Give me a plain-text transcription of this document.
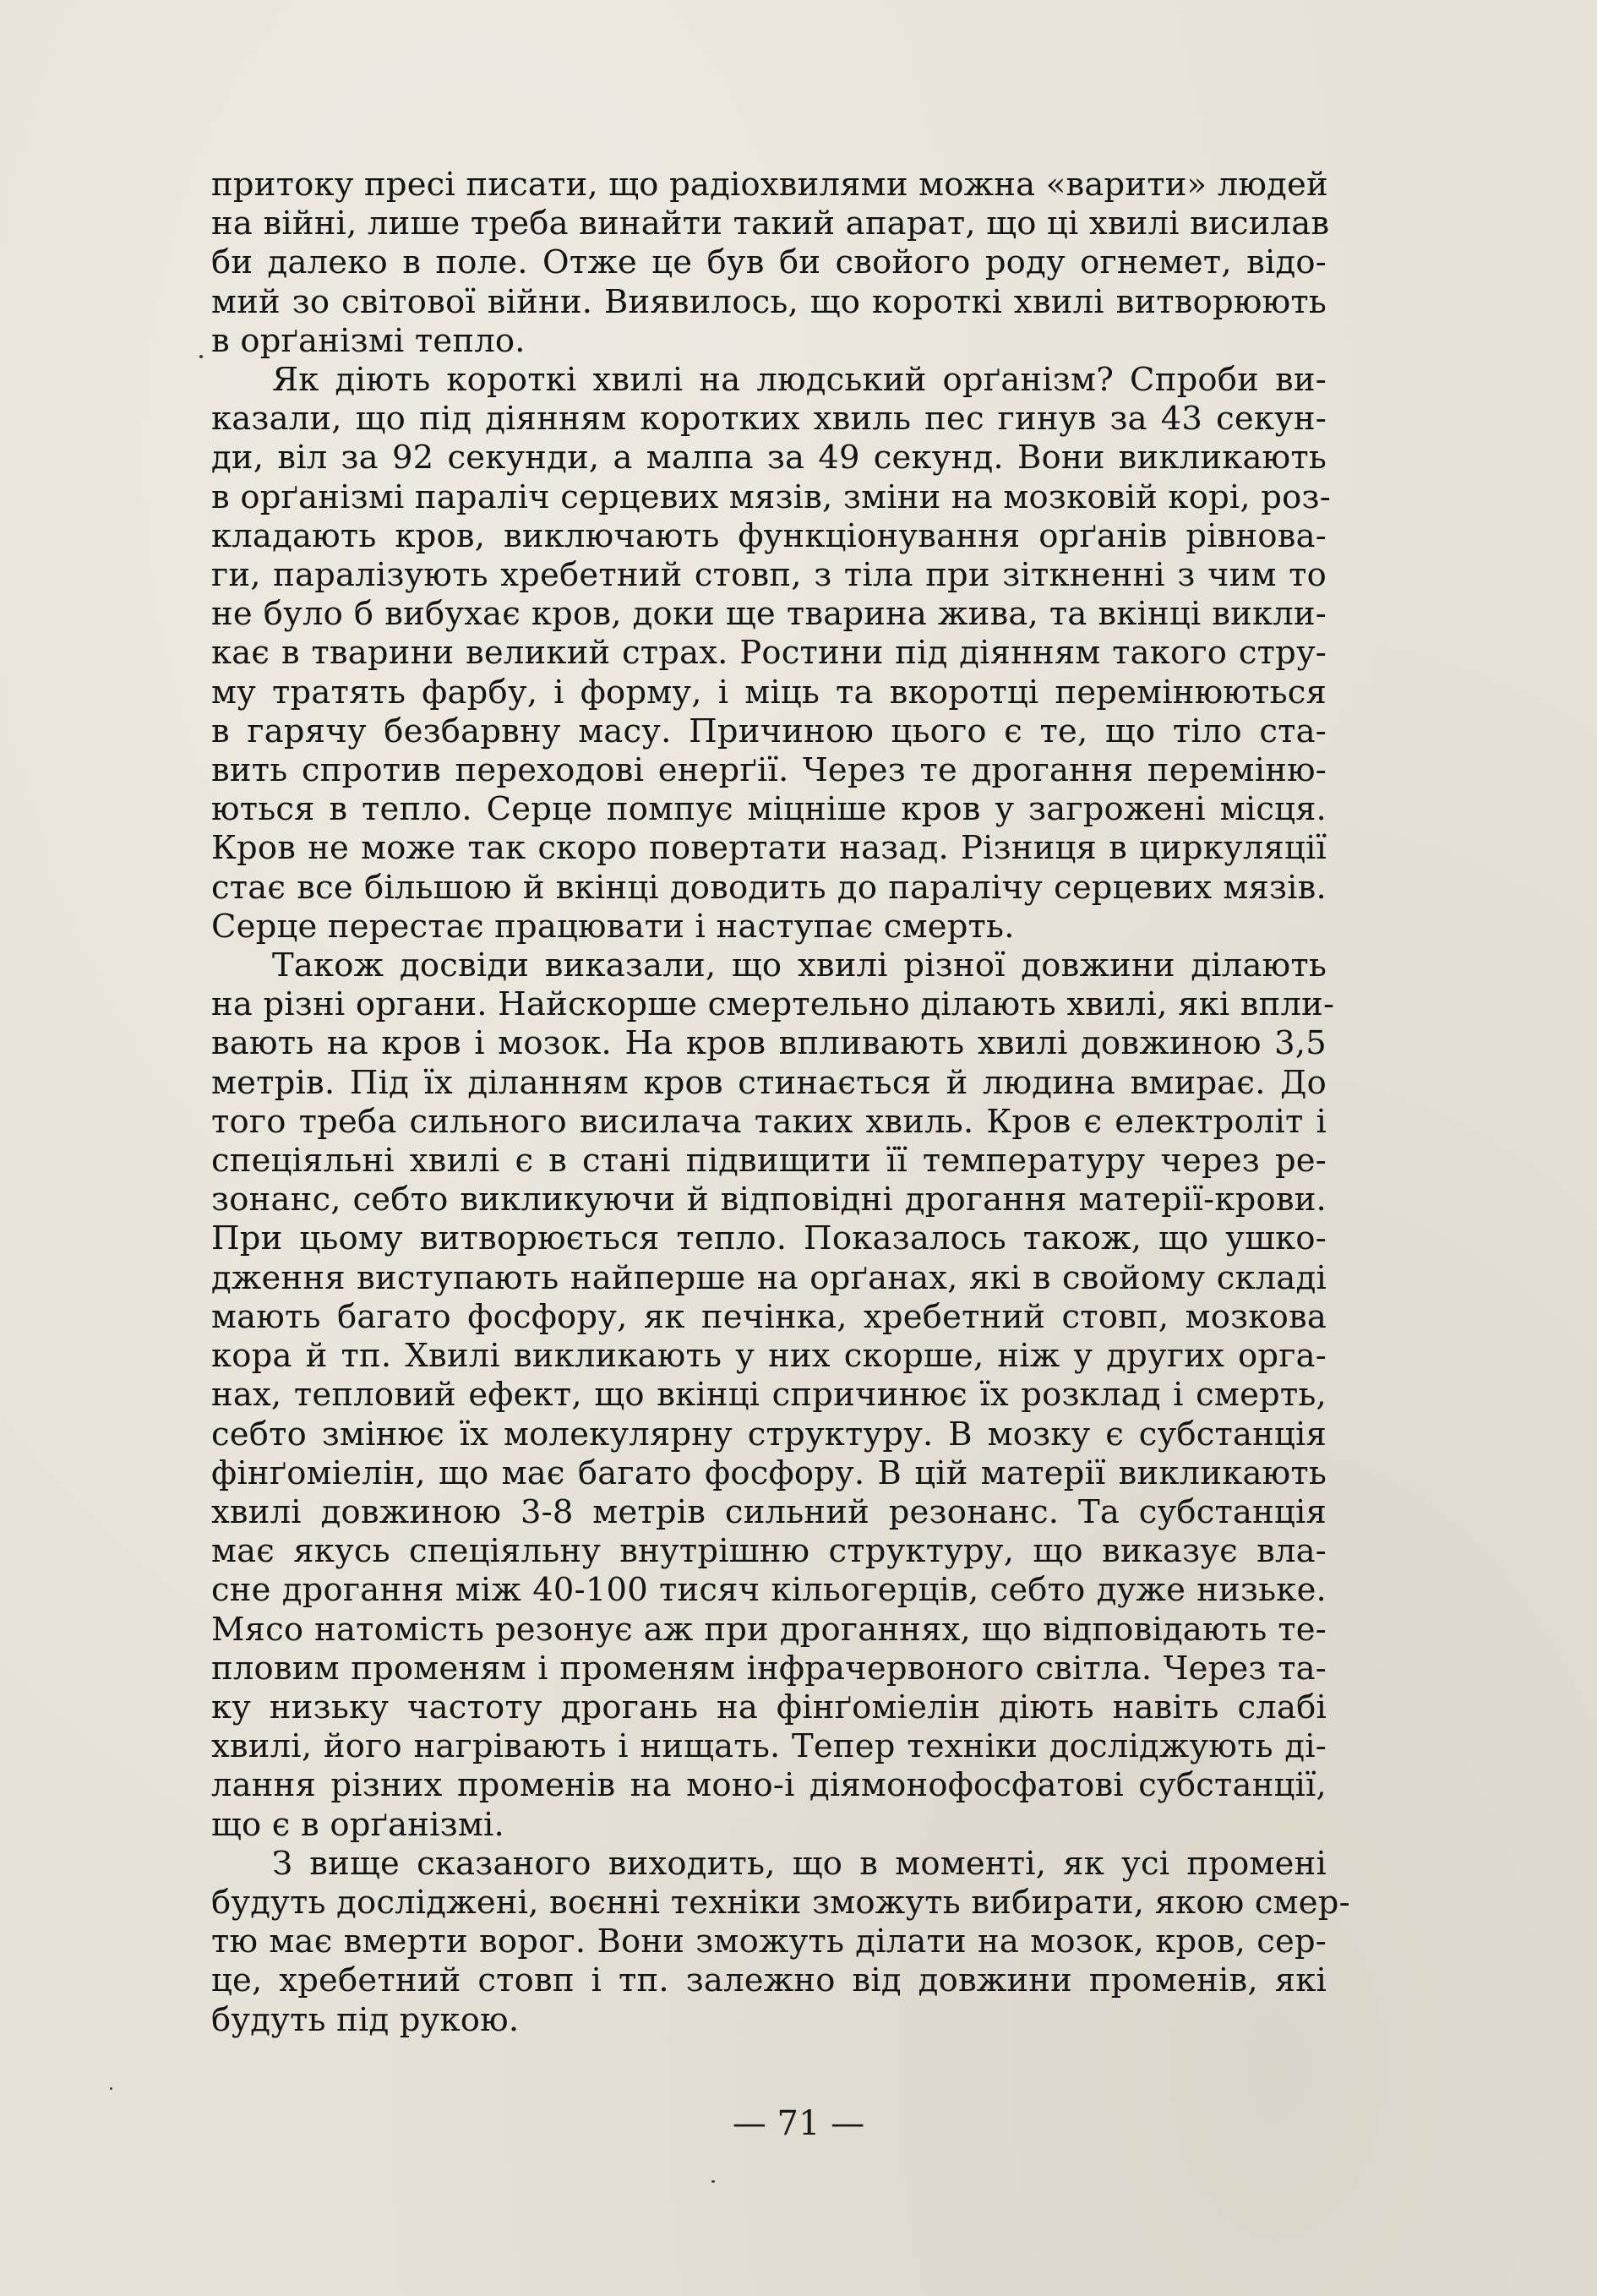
притоку пресі писати, що радіохвилями можна «варити» людей
на війні, лише треба винайти такий апарат, що ці хвилі висилав
би далеко в поле. Отже це був би свойого роду огнемет, відо-
мий зо світової війни. Виявилось, що короткі хвилі витворюють
в орґанізмі тепло.

Як діють короткі хвилі на людський орґанізм? Спроби ви-
казали, що під діянням коротких хвиль пес гинув за 43 секун-
ди, віл за 92 секунди, а малпа за 49 секунд. Вони викликають
в орґанізмі параліч серцевих мязів, зміни на мозковій корі, роз-
кладають кров, виключають функціонування орґанів рівнова-
ги, паралізують хребетний стовп, з тіла при зіткненні з чим то
не було б вибухає кров, доки ще тварина жива, та вкінці викли-
кає в тварини великий страх. Ростини під діянням такого стру-
му тратять фарбу, і форму, і міць та вкоротці перемінюються
в гарячу безбарвну масу. Причиною цього є те, що тіло ста-
вить спротив переходові енерґії. Через те дрогання переміню-
ються в тепло. Серце помпує міцніше кров у загрожені місця.
Кров не може так скоро повертати назад. Різниця в циркуляції
стає все більшою й вкінці доводить до паралічу серцевих мязів.
Серце перестає працювати і наступає смерть.

Також досвіди виказали, що хвилі різної довжини ділають
на різні органи. Найскорше смертельно ділають хвилі, які впли-
вають на кров і мозок. На кров впливають хвилі довжиною 3,5
метрів. Під їх діланням кров стинається й людина вмирає. До
того треба сильного висилача таких хвиль. Кров є електроліт і
спеціяльні хвилі є в стані підвищити її температуру через ре-
зонанс, себто викликуючи й відповідні дрогання матерії-крови.
При цьому витворюється тепло. Показалось також, що ушко-
дження виступають найперше на орґанах, які в свойому складі
мають багато фосфору, як печінка, хребетний стовп, мозкова
кора й тп. Хвилі викликають у них скорше, ніж у других орга-
нах, тепловий ефект, що вкінці спричинює їх розклад і смерть,
себто змінює їх молекулярну структуру. В мозку є субстанція
фінґоміелін, що має багато фосфору. В цій матерії викликають
хвилі довжиною 3-8 метрів сильний резонанс. Та субстанція
має якусь спеціяльну внутрішню структуру, що виказує вла-
сне дрогання між 40-100 тисяч кільогерців, себто дуже низьке.
Мясо натомість резонує аж при дроганнях, що відповідають те-
пловим променям і променям інфрачервоного світла. Через та-
ку низьку частоту дрогань на фінґоміелін діють навіть слабі
хвилі, його нагрівають і нищать. Тепер техніки досліджують ді-
лання різних променів на моно-і діямонофосфатові субстанції,
що є в орґанізмі.

З вище сказаного виходить, що в моменті, як усі промені
будуть досліджені, воєнні техніки зможуть вибирати, якою смер-
тю має вмерти ворог. Вони зможуть ділати на мозок, кров, сер-
це, хребетний стовп і тп. залежно від довжини променів, які
будуть під рукою.

— 71 —
